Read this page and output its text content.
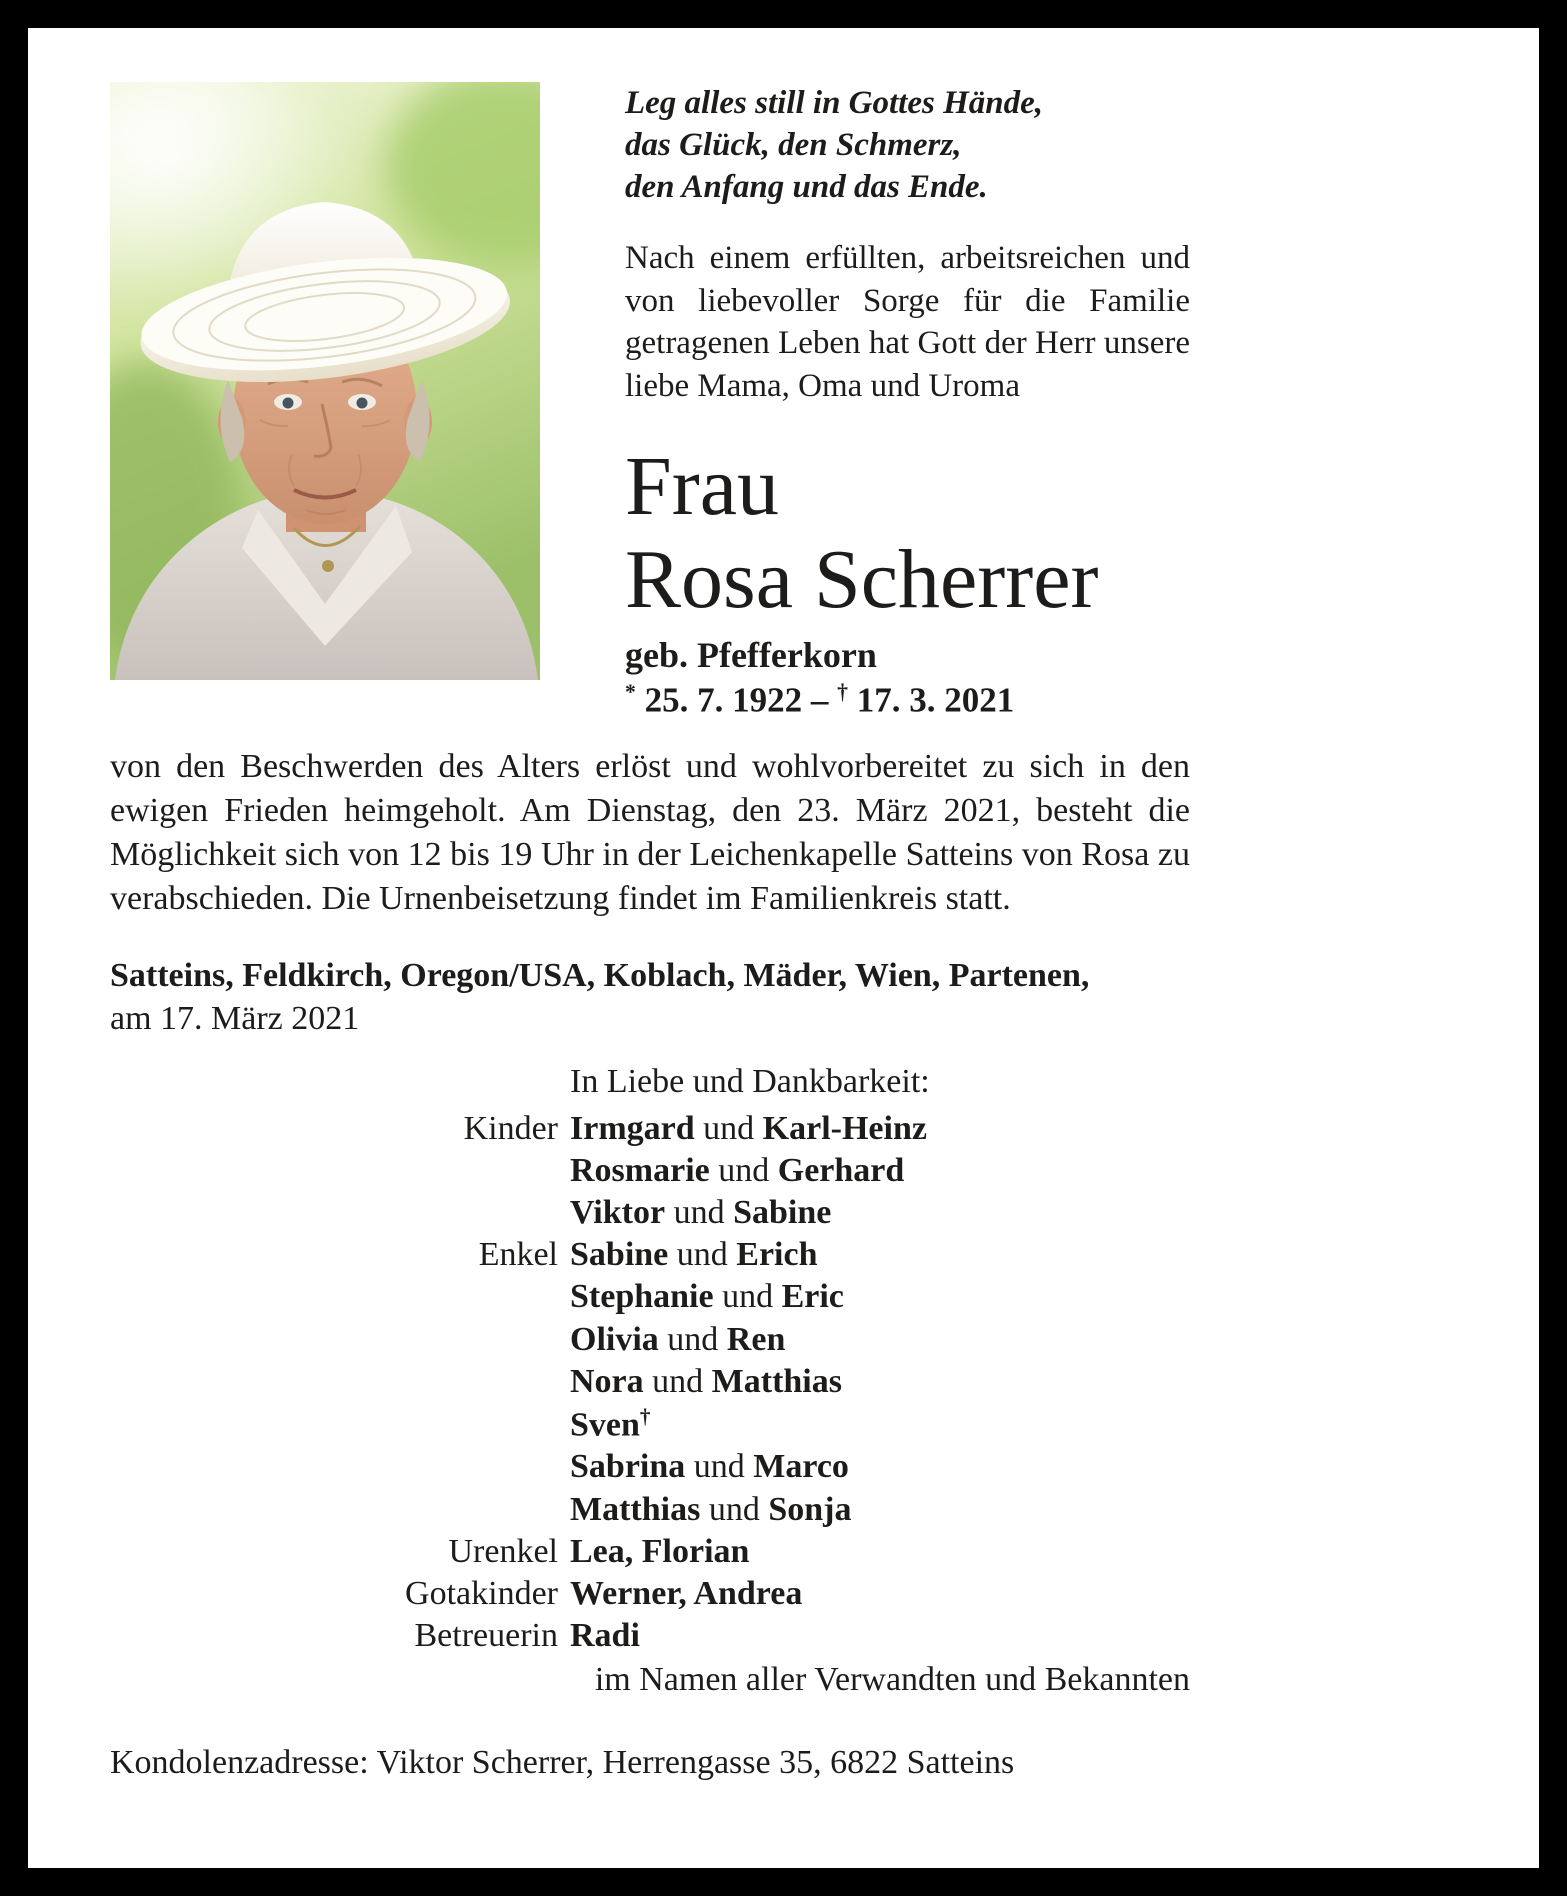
Leg alles still in Gottes Hände,
das Glück, den Schmerz,
den Anfang und das Ende.

Nach einem erfüllten, arbeitsreichen und von liebevoller Sorge für die Familie getragenen Leben hat Gott der Herr unsere liebe Mama, Oma und Uroma

Frau
Rosa Scherrer
geb. Pfefferkorn
* 25. 7. 1922 – † 17. 3. 2021

von den Beschwerden des Alters erlöst und wohlvorbereitet zu sich in den ewigen Frieden heimgeholt. Am Dienstag, den 23. März 2021, besteht die Möglichkeit sich von 12 bis 19 Uhr in der Leichenkapelle Satteins von Rosa zu verabschieden. Die Urnenbeisetzung findet im Familienkreis statt.

Satteins, Feldkirch, Oregon/USA, Koblach, Mäder, Wien, Partenen,
am 17. März 2021
In Liebe und Dankbarkeit:
Kinder Irmgard und Karl-Heinz
Rosmarie und Gerhard
Viktor und Sabine
Enkel Sabine und Erich
Stephanie und Eric
Olivia und Ren
Nora und Matthias
Sven†
Sabrina und Marco
Matthias und Sonja
Urenkel Lea, Florian
Gotakinder Werner, Andrea
Betreuerin Radi
im Namen aller Verwandten und Bekannten
Kondolenzadresse: Viktor Scherrer, Herrengasse 35, 6822 Satteins
